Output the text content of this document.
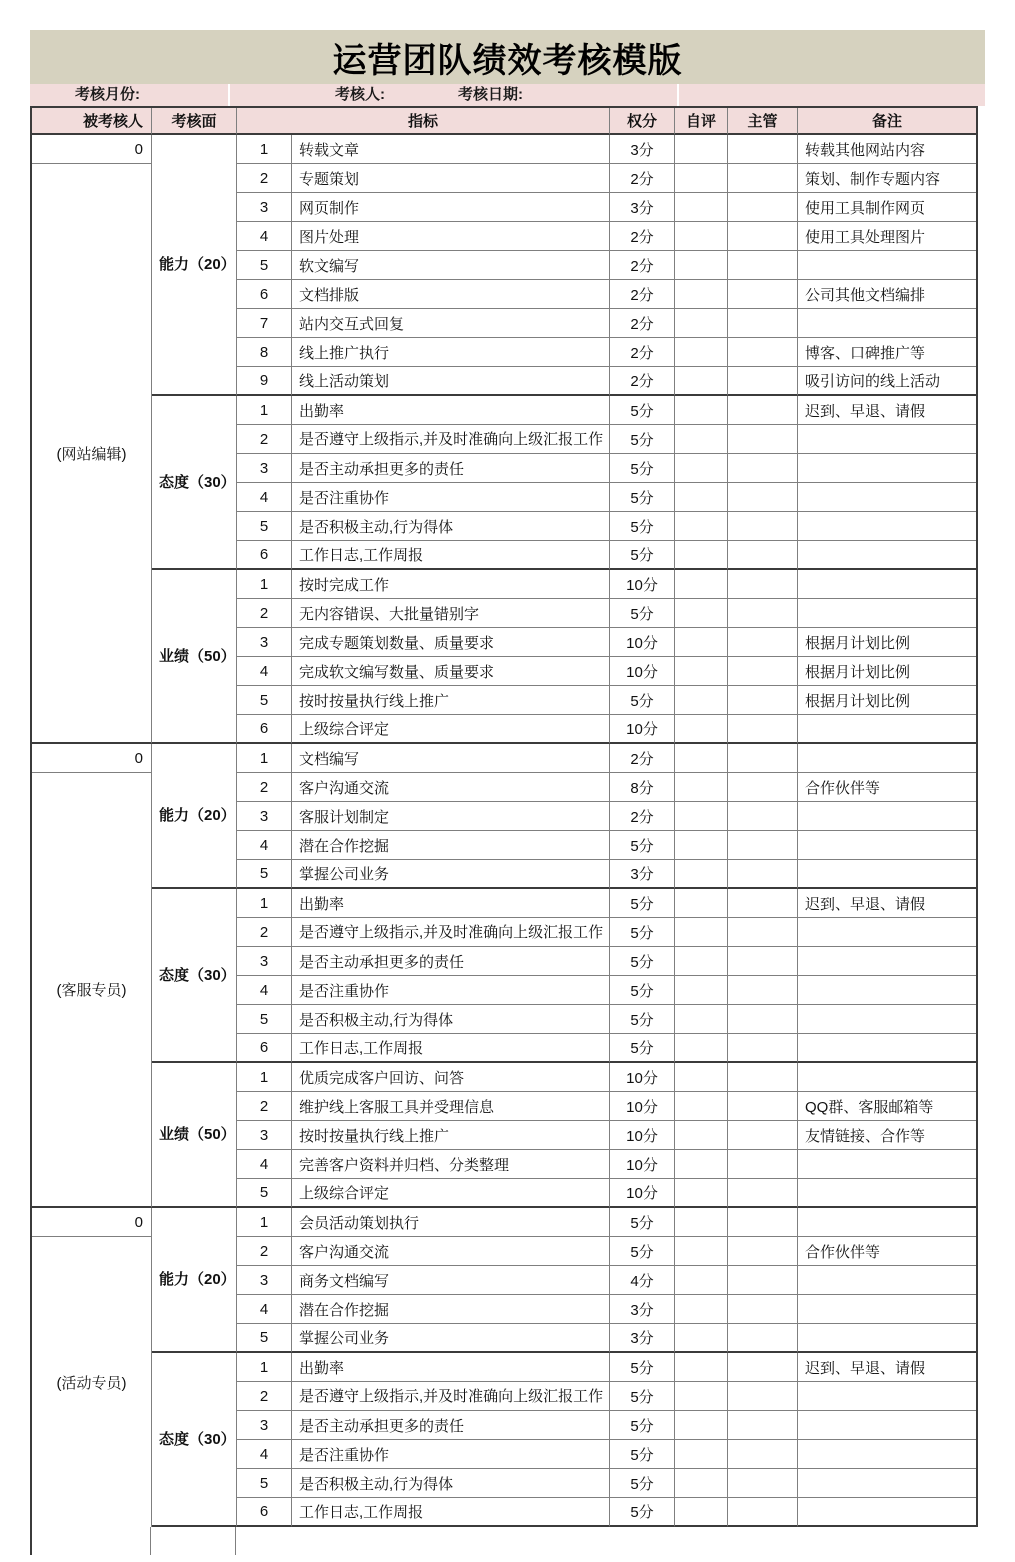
运营团队绩效考核模版
考核月份:	考核人:	考核日期:
被考核人 考核面	指标	权分 自评 主管	备注
0
(网站编辑)
能力（20）
1 转载文章	3分	转载其他网站内容
2 专题策划	2分	策划、制作专题内容
3 网页制作	3分	使用工具制作网页
4 图片处理	2分	使用工具处理图片
5 软文编写	2分
6 文档排版	2分	公司其他文档编排
7 站内交互式回复	2分
8 线上推广执行	2分	博客、口碑推广等
9 线上活动策划	2分	吸引访问的线上活动
态度（30）
1 出勤率	5分	迟到、早退、请假
2 是否遵守上级指示,并及时准确向上级汇报工作 5分
3 是否主动承担更多的责任	5分
4 是否注重协作	5分
5 是否积极主动,行为得体	5分
6 工作日志,工作周报	5分
业绩（50）
1 按时完成工作	10分
2 无内容错误、大批量错别字	5分
3 完成专题策划数量、质量要求	10分	根据月计划比例
4 完成软文编写数量、质量要求	10分	根据月计划比例
5 按时按量执行线上推广	5分	根据月计划比例
6 上级综合评定	10分
0
(客服专员)
能力（20）
1 文档编写	2分
2 客户沟通交流	8分	合作伙伴等
3 客服计划制定	2分
4 潜在合作挖掘	5分
5 掌握公司业务	3分
态度（30）
1 出勤率	5分	迟到、早退、请假
2 是否遵守上级指示,并及时准确向上级汇报工作 5分
3 是否主动承担更多的责任	5分
4 是否注重协作	5分
5 是否积极主动,行为得体	5分
6 工作日志,工作周报	5分
业绩（50）
1 优质完成客户回访、问答	10分
2 维护线上客服工具并受理信息	10分	QQ群、客服邮箱等
3 按时按量执行线上推广	10分	友情链接、合作等
4 完善客户资料并归档、分类整理	10分
5 上级综合评定	10分
0
(活动专员)
能力（20）
1 会员活动策划执行	5分
2 客户沟通交流	5分	合作伙伴等
3 商务文档编写	4分
4 潜在合作挖掘	3分
5 掌握公司业务	3分
态度（30）
1 出勤率	5分	迟到、早退、请假
2 是否遵守上级指示,并及时准确向上级汇报工作 5分
3 是否主动承担更多的责任	5分
4 是否注重协作	5分
5 是否积极主动,行为得体	5分
6 工作日志,工作周报	5分
